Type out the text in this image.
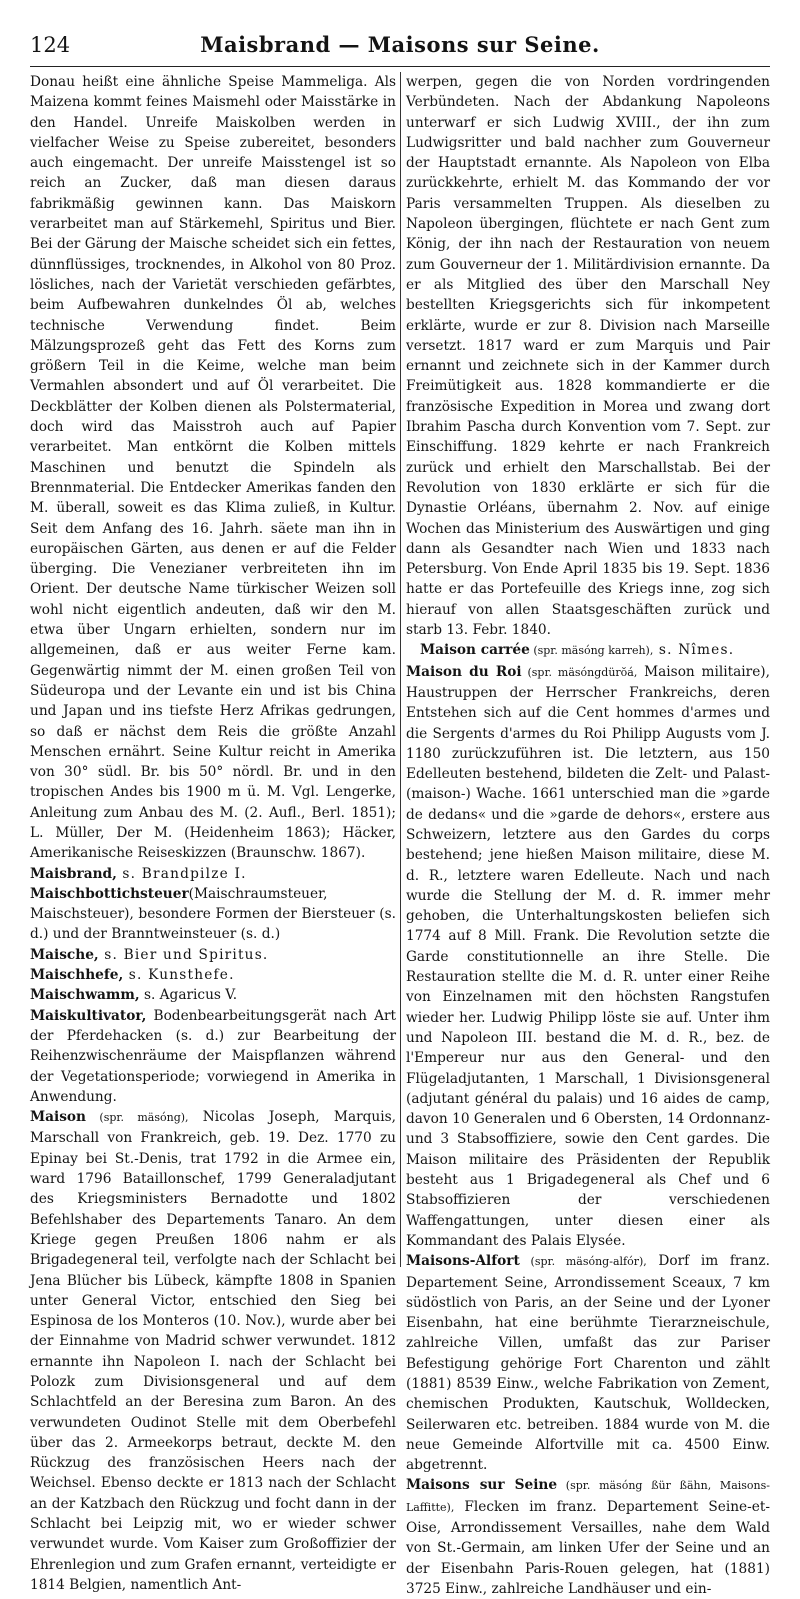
124	Maisbrand — Maisons sur Seine.

Donau heißt eine ähnliche Speise Mammeliga. Als Maizena kommt feines Maismehl oder Maisstärke in den Handel. Unreife Maiskolben werden in vielfacher Weise zu Speise zubereitet, besonders auch eingemacht. Der unreife Maisstengel ist so reich an Zucker, daß man diesen daraus fabrikmäßig gewinnen kann. Das Maiskorn verarbeitet man auf Stärkemehl, Spiritus und Bier. Bei der Gärung der Maische scheidet sich ein fettes, dünnflüssiges, trocknendes, in Alkohol von 80 Proz. lösliches, nach der Varietät verschieden gefärbtes, beim Aufbewahren dunkelndes Öl ab, welches technische Verwendung findet. Beim Mälzungsprozeß geht das Fett des Korns zum größern Teil in die Keime, welche man beim Vermahlen absondert und auf Öl verarbeitet. Die Deckblätter der Kolben dienen als Polstermaterial, doch wird das Maisstroh auch auf Papier verarbeitet. Man entkörnt die Kolben mittels Maschinen und benutzt die Spindeln als Brennmaterial. Die Entdecker Amerikas fanden den M. überall, soweit es das Klima zuließ, in Kultur. Seit dem Anfang des 16. Jahrh. säete man ihn in europäischen Gärten, aus denen er auf die Felder überging. Die Venezianer verbreiteten ihn im Orient. Der deutsche Name türkischer Weizen soll wohl nicht eigentlich andeuten, daß wir den M. etwa über Ungarn erhielten, sondern nur im allgemeinen, daß er aus weiter Ferne kam. Gegenwärtig nimmt der M. einen großen Teil von Südeuropa und der Levante ein und ist bis China und Japan und ins tiefste Herz Afrikas gedrungen, so daß er nächst dem Reis die größte Anzahl Menschen ernährt. Seine Kultur reicht in Amerika von 30° südl. Br. bis 50° nördl. Br. und in den tropischen Andes bis 1900 m ü. M. Vgl. Lengerke, Anleitung zum Anbau des M. (2. Aufl., Berl. 1851); L. Müller, Der M. (Heidenheim 1863); Häcker, Amerikanische Reiseskizzen (Braunschw. 1867).

Maisbrand, s. Brandpilze I.

Maischbottichsteuer(Maischraumsteuer, Maischsteuer), besondere Formen der Biersteuer (s. d.) und der Branntweinsteuer (s. d.)

Maische, s. Bier und Spiritus.

Maischhefe, s. Kunsthefe.

Maischwamm, s. Agaricus V.

Maiskultivator, Bodenbearbeitungsgerät nach Art der Pferdehacken (s. d.) zur Bearbeitung der Reihenzwischenräume der Maispflanzen während der Vegetationsperiode; vorwiegend in Amerika in Anwendung.

Maison (spr. mäsóng), Nicolas Joseph, Marquis, Marschall von Frankreich, geb. 19. Dez. 1770 zu Epinay bei St.-Denis, trat 1792 in die Armee ein, ward 1796 Bataillonschef, 1799 Generaladjutant des Kriegsministers Bernadotte und 1802 Befehlshaber des Departements Tanaro. An dem Kriege gegen Preußen 1806 nahm er als Brigadegeneral teil, verfolgte nach der Schlacht bei Jena Blücher bis Lübeck, kämpfte 1808 in Spanien unter General Victor, entschied den Sieg bei Espinosa de los Monteros (10. Nov.), wurde aber bei der Einnahme von Madrid schwer verwundet. 1812 ernannte ihn Napoleon I. nach der Schlacht bei Polozk zum Divisionsgeneral und auf dem Schlachtfeld an der Beresina zum Baron. An des verwundeten Oudinot Stelle mit dem Oberbefehl über das 2. Armeekorps betraut, deckte M. den Rückzug des französischen Heers nach der Weichsel. Ebenso deckte er 1813 nach der Schlacht an der Katzbach den Rückzug und focht dann in der Schlacht bei Leipzig mit, wo er wieder schwer verwundet wurde. Vom Kaiser zum Großoffizier der Ehrenlegion und zum Grafen ernannt, verteidigte er 1814 Belgien, namentlich Ant-

werpen, gegen die von Norden vordringenden Verbündeten. Nach der Abdankung Napoleons unterwarf er sich Ludwig XVIII., der ihn zum Ludwigsritter und bald nachher zum Gouverneur der Hauptstadt ernannte. Als Napoleon von Elba zurückkehrte, erhielt M. das Kommando der vor Paris versammelten Truppen. Als dieselben zu Napoleon übergingen, flüchtete er nach Gent zum König, der ihn nach der Restauration von neuem zum Gouverneur der 1. Militärdivision ernannte. Da er als Mitglied des über den Marschall Ney bestellten Kriegsgerichts sich für inkompetent erklärte, wurde er zur 8. Division nach Marseille versetzt. 1817 ward er zum Marquis und Pair ernannt und zeichnete sich in der Kammer durch Freimütigkeit aus. 1828 kommandierte er die französische Expedition in Morea und zwang dort Ibrahim Pascha durch Konvention vom 7. Sept. zur Einschiffung. 1829 kehrte er nach Frankreich zurück und erhielt den Marschallstab. Bei der Revolution von 1830 erklärte er sich für die Dynastie Orléans, übernahm 2. Nov. auf einige Wochen das Ministerium des Auswärtigen und ging dann als Gesandter nach Wien und 1833 nach Petersburg. Von Ende April 1835 bis 19. Sept. 1836 hatte er das Portefeuille des Kriegs inne, zog sich hierauf von allen Staatsgeschäften zurück und starb 13. Febr. 1840.

Maison carrée (spr. mäsóng karreh), s. Nîmes.

Maison du Roi (spr. mäsóngdürŏá, Maison militaire), Haustruppen der Herrscher Frankreichs, deren Entstehen sich auf die Cent hommes d'armes und die Sergents d'armes du Roi Philipp Augusts vom J. 1180 zurückzuführen ist. Die letztern, aus 150 Edelleuten bestehend, bildeten die Zelt- und Palast- (maison-) Wache. 1661 unterschied man die »garde de dedans« und die »garde de dehors«, erstere aus Schweizern, letztere aus den Gardes du corps bestehend; jene hießen Maison militaire, diese M. d. R., letztere waren Edelleute. Nach und nach wurde die Stellung der M. d. R. immer mehr gehoben, die Unterhaltungskosten beliefen sich 1774 auf 8 Mill. Frank. Die Revolution setzte die Garde constitutionnelle an ihre Stelle. Die Restauration stellte die M. d. R. unter einer Reihe von Einzelnamen mit den höchsten Rangstufen wieder her. Ludwig Philipp löste sie auf. Unter ihm und Napoleon III. bestand die M. d. R., bez. de l'Empereur nur aus den General- und den Flügeladjutanten, 1 Marschall, 1 Divisionsgeneral (adjutant général du palais) und 16 aides de camp, davon 10 Generalen und 6 Obersten, 14 Ordonnanz- und 3 Stabsoffiziere, sowie den Cent gardes. Die Maison militaire des Präsidenten der Republik besteht aus 1 Brigadegeneral als Chef und 6 Stabsoffizieren der verschiedenen Waffengattungen, unter diesen einer als Kommandant des Palais Elysée.

Maisons-Alfort (spr. mäsóng-alfór), Dorf im franz. Departement Seine, Arrondissement Sceaux, 7 km südöstlich von Paris, an der Seine und der Lyoner Eisenbahn, hat eine berühmte Tierarzneischule, zahlreiche Villen, umfaßt das zur Pariser Befestigung gehörige Fort Charenton und zählt (1881) 8539 Einw., welche Fabrikation von Zement, chemischen Produkten, Kautschuk, Wolldecken, Seilerwaren etc. betreiben. 1884 wurde von M. die neue Gemeinde Alfortville mit ca. 4500 Einw. abgetrennt.

Maisons sur Seine (spr. mäsóng ßür ßähn, Maisons-Laffitte), Flecken im franz. Departement Seine-et-Oise, Arrondissement Versailles, nahe dem Wald von St.-Germain, am linken Ufer der Seine und an der Eisenbahn Paris-Rouen gelegen, hat (1881) 3725 Einw., zahlreiche Landhäuser und ein-
